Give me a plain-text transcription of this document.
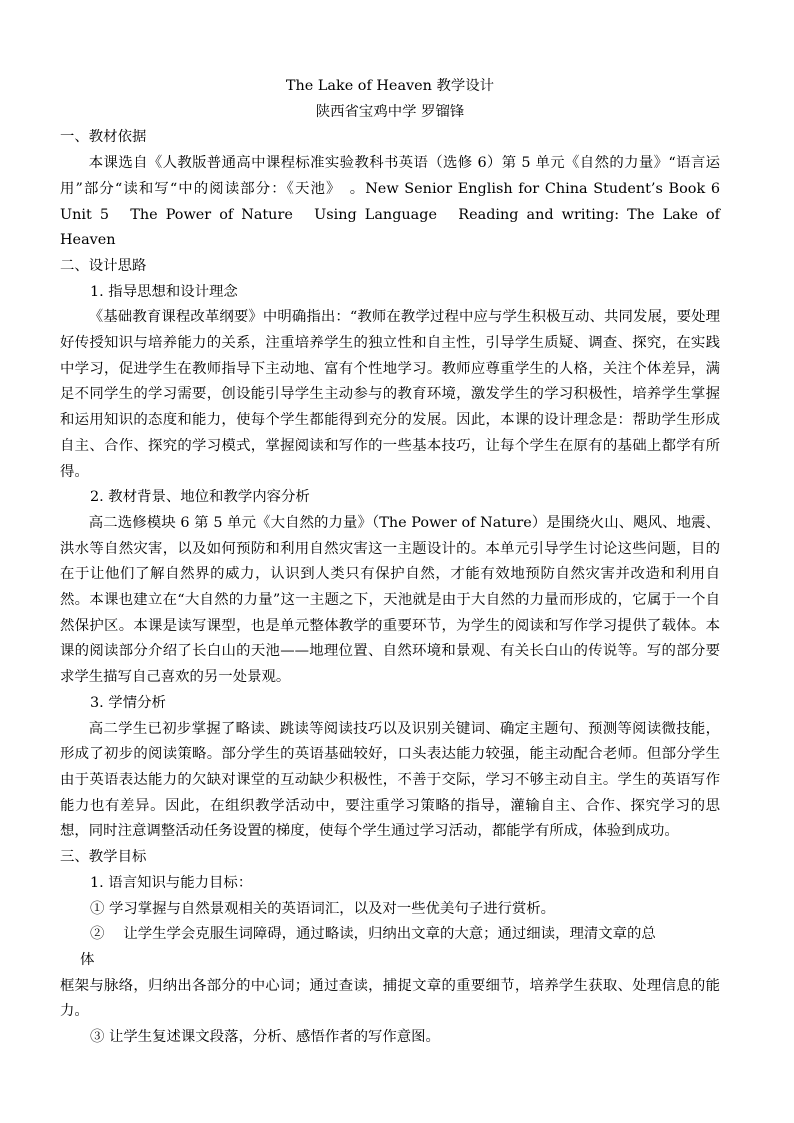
The Lake of Heaven 教学设计

陕西省宝鸡中学 罗镏锋

一、教材依据

本课选自《人教版普通高中课程标准实验教科书英语（选修 6）第 5 单元《自然的力量》“语言运用”部分“读和写“中的阅读部分：《天池》　。New Senior English for China Student’s Book 6　Unit 5　The Power of Nature　Using Language　Reading and writing: The Lake of Heaven

二、设计思路

1. 指导思想和设计理念

《基础教育课程改革纲要》中明确指出：“教师在教学过程中应与学生积极互动、共同发展，要处理好传授知识与培养能力的关系，注重培养学生的独立性和自主性，引导学生质疑、调查、探究，在实践中学习，促进学生在教师指导下主动地、富有个性地学习。教师应尊重学生的人格，关注个体差异，满足不同学生的学习需要，创设能引导学生主动参与的教育环境，激发学生的学习积极性，培养学生掌握和运用知识的态度和能力，使每个学生都能得到充分的发展。因此，本课的设计理念是：帮助学生形成自主、合作、探究的学习模式，掌握阅读和写作的一些基本技巧，让每个学生在原有的基础上都学有所得。

2. 教材背景、地位和教学内容分析

高二选修模块 6 第 5 单元《大自然的力量》（The Power of Nature）是围绕火山、飓风、地震、洪水等自然灾害，以及如何预防和利用自然灾害这一主题设计的。本单元引导学生讨论这些问题，目的在于让他们了解自然界的威力，认识到人类只有保护自然，才能有效地预防自然灾害并改造和利用自然。本课也建立在“大自然的力量”这一主题之下，天池就是由于大自然的力量而形成的，它属于一个自然保护区。本课是读写课型，也是单元整体教学的重要环节，为学生的阅读和写作学习提供了载体。本课的阅读部分介绍了长白山的天池——地理位置、自然环境和景观、有关长白山的传说等。写的部分要求学生描写自己喜欢的另一处景观。

3. 学情分析

高二学生已初步掌握了略读、跳读等阅读技巧以及识别关键词、确定主题句、预测等阅读微技能，形成了初步的阅读策略。部分学生的英语基础较好，口头表达能力较强，能主动配合老师。但部分学生由于英语表达能力的欠缺对课堂的互动缺少积极性，不善于交际，学习不够主动自主。学生的英语写作能力也有差异。因此，在组织教学活动中，要注重学习策略的指导，灌输自主、合作、探究学习的思想，同时注意调整活动任务设置的梯度，使每个学生通过学习活动，都能学有所成，体验到成功。

三、教学目标

1. 语言知识与能力目标：

① 学习掌握与自然景观相关的英语词汇，以及对一些优美句子进行赏析。

②　 让学生学会克服生词障碍，通过略读，归纳出文章的大意；通过细读，理清文章的总

体

框架与脉络，归纳出各部分的中心词；通过查读，捕捉文章的重要细节，培养学生获取、处理信息的能力。

③ 让学生复述课文段落，分析、感悟作者的写作意图。
